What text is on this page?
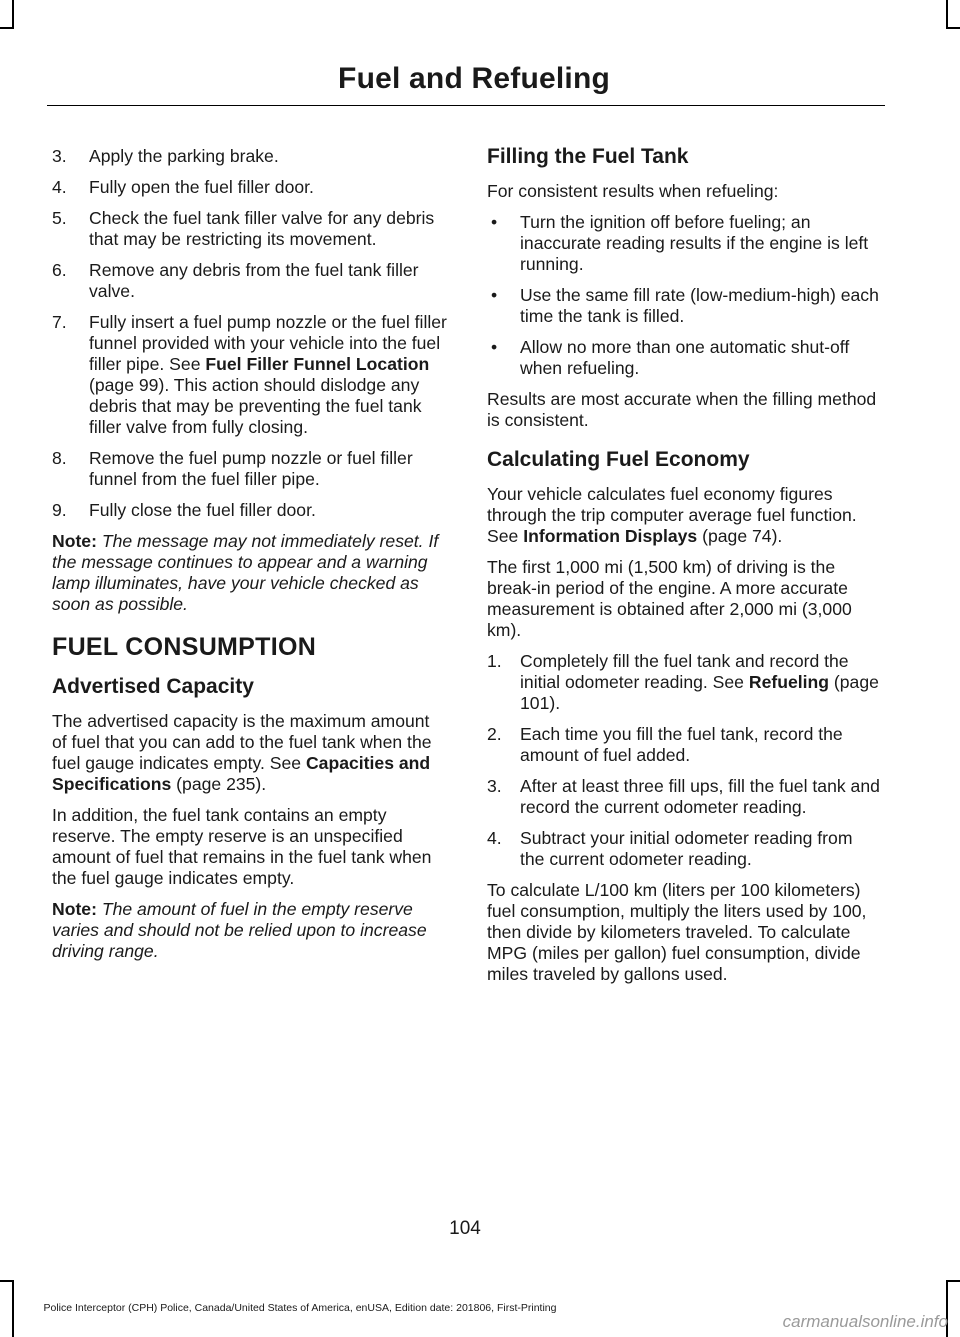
Fuel and Refueling
3. Apply the parking brake.
4. Fully open the fuel filler door.
5. Check the fuel tank filler valve for any debris that may be restricting its movement.
6. Remove any debris from the fuel tank filler valve.
7. Fully insert a fuel pump nozzle or the fuel filler funnel provided with your vehicle into the fuel filler pipe. See Fuel Filler Funnel Location (page 99). This action should dislodge any debris that may be preventing the fuel tank filler valve from fully closing.
8. Remove the fuel pump nozzle or fuel filler funnel from the fuel filler pipe.
9. Fully close the fuel filler door.

Note: The message may not immediately reset. If the message continues to appear and a warning lamp illuminates, have your vehicle checked as soon as possible.

FUEL CONSUMPTION
Advertised Capacity

The advertised capacity is the maximum amount of fuel that you can add to the fuel tank when the fuel gauge indicates empty. See Capacities and Specifications (page 235).

In addition, the fuel tank contains an empty reserve. The empty reserve is an unspecified amount of fuel that remains in the fuel tank when the fuel gauge indicates empty.

Note: The amount of fuel in the empty reserve varies and should not be relied upon to increase driving range.

Filling the Fuel Tank

For consistent results when refueling:

• Turn the ignition off before fueling; an inaccurate reading results if the engine is left running.
• Use the same fill rate (low-medium-high) each time the tank is filled.
• Allow no more than one automatic shut-off when refueling.

Results are most accurate when the filling method is consistent.

Calculating Fuel Economy

Your vehicle calculates fuel economy figures through the trip computer average fuel function. See Information Displays (page 74).

The first 1,000 mi (1,500 km) of driving is the break-in period of the engine. A more accurate measurement is obtained after 2,000 mi (3,000 km).

1. Completely fill the fuel tank and record the initial odometer reading. See Refueling (page 101).
2. Each time you fill the fuel tank, record the amount of fuel added.
3. After at least three fill ups, fill the fuel tank and record the current odometer reading.
4. Subtract your initial odometer reading from the current odometer reading.

To calculate L/100 km (liters per 100 kilometers) fuel consumption, multiply the liters used by 100, then divide by kilometers traveled. To calculate MPG (miles per gallon) fuel consumption, divide miles traveled by gallons used.

104
Police Interceptor (CPH) Police, Canada/United States of America, enUSA, Edition date: 201806, First-Printing
carmanualsonline.info
